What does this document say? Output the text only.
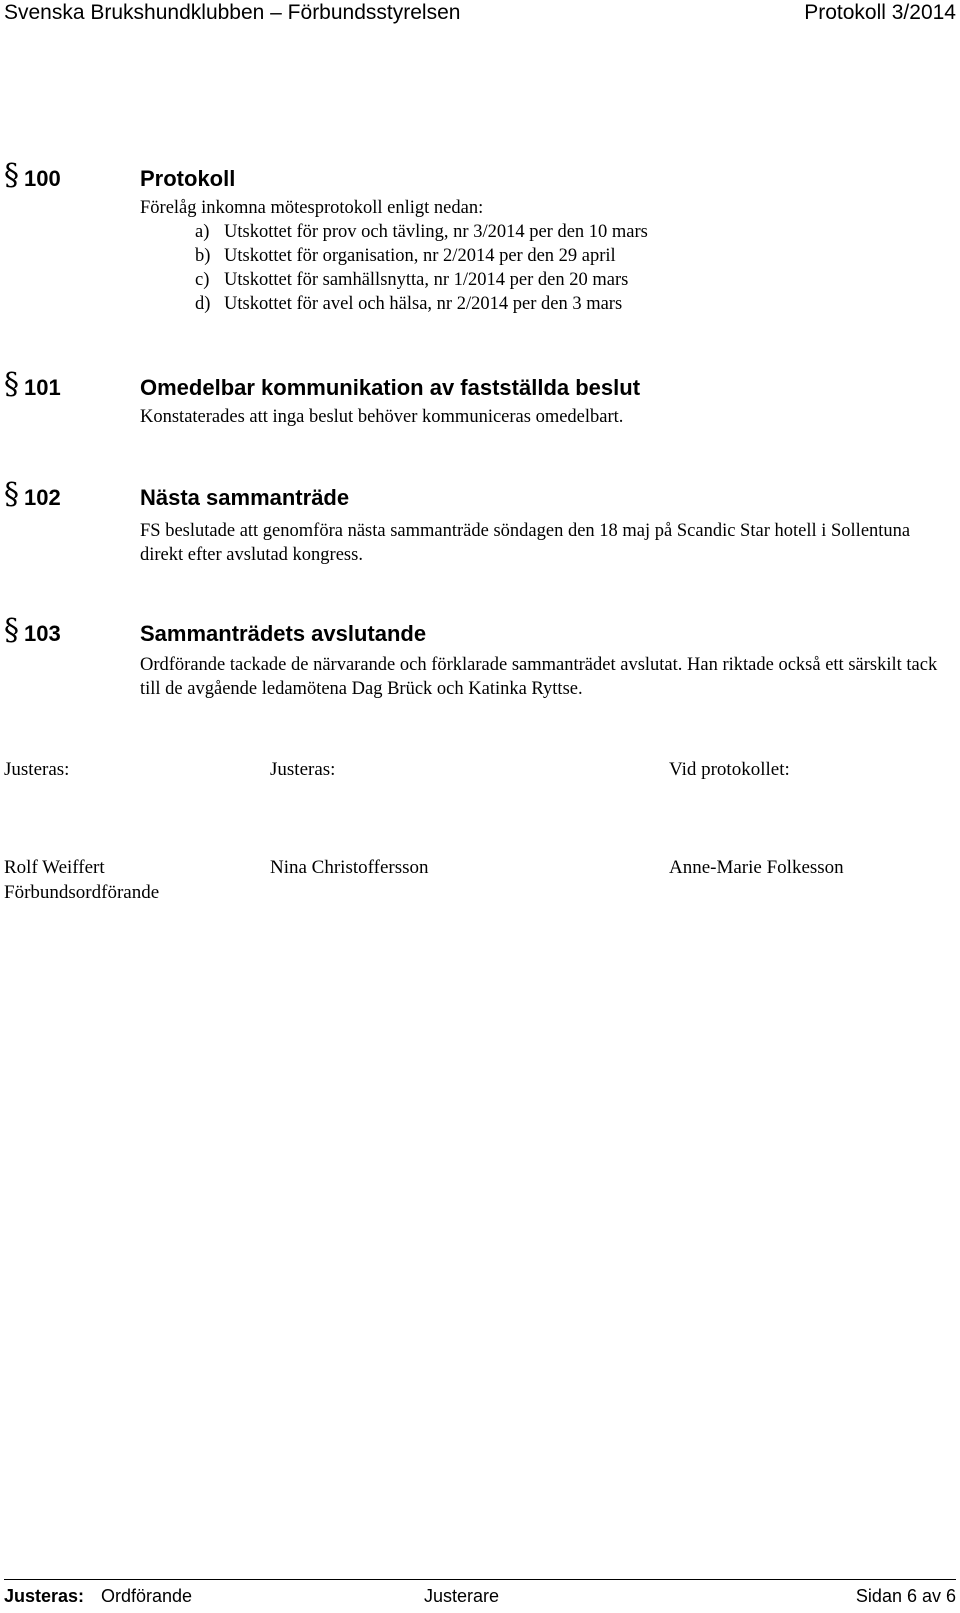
Svenska Brukshundklubben – Förbundsstyrelsen	Protokoll 3/2014
§ 100	Protokoll
Förelåg inkomna mötesprotokoll enligt nedan:
a) Utskottet för prov och tävling, nr 3/2014 per den 10 mars
b) Utskottet för organisation, nr 2/2014 per den 29 april
c) Utskottet för samhällsnytta, nr 1/2014 per den 20 mars
d) Utskottet för avel och hälsa, nr 2/2014 per den 3 mars
§ 101	Omedelbar kommunikation av fastställda beslut
Konstaterades att inga beslut behöver kommuniceras omedelbart.
§ 102	Nästa sammanträde
FS beslutade att genomföra nästa sammanträde söndagen den 18 maj på Scandic Star hotell i Sollentuna direkt efter avslutad kongress.
§ 103	Sammanträdets avslutande
Ordförande tackade de närvarande och förklarade sammanträdet avslutat. Han riktade också ett särskilt tack till de avgående ledamötena Dag Brück och Katinka Ryttse.
Justeras:	Justeras:	Vid protokollet:
Rolf Weiffert	Nina Christoffersson	Anne-Marie Folkesson
Förbundsordförande
Justeras: Ordförande	Justerare	Sidan 6 av 6
